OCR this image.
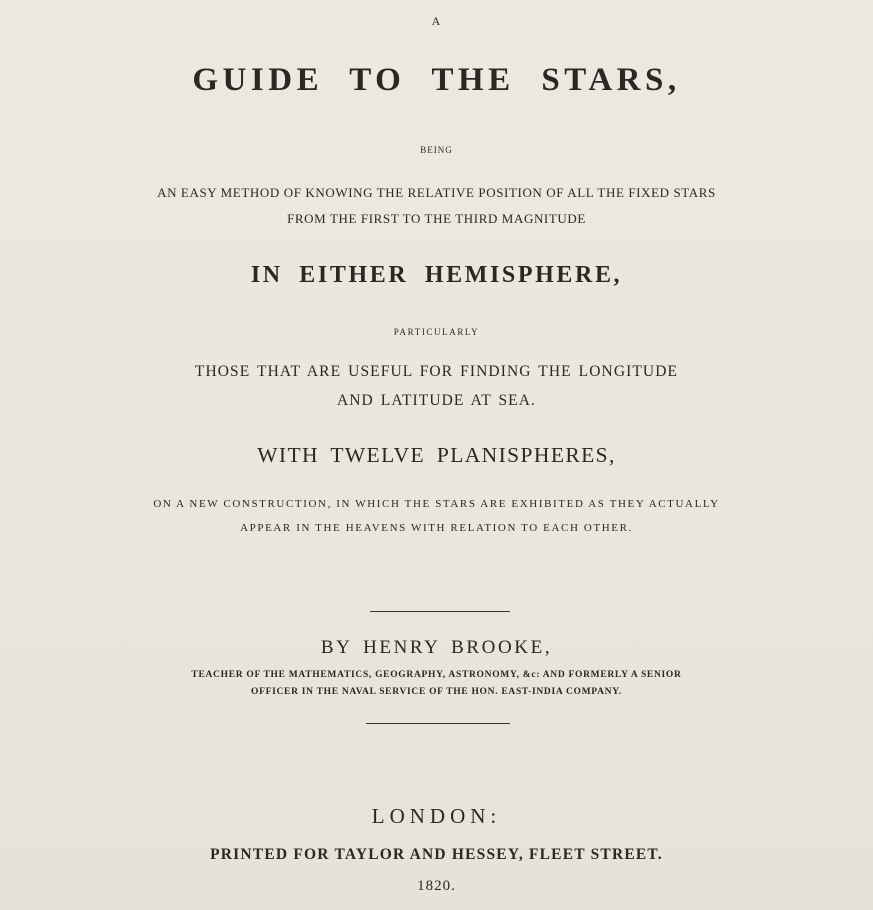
A
GUIDE TO THE STARS,
BEING
AN EASY METHOD OF KNOWING THE RELATIVE POSITION OF ALL THE FIXED STARS
FROM THE FIRST TO THE THIRD MAGNITUDE
IN EITHER HEMISPHERE,
PARTICULARLY
THOSE THAT ARE USEFUL FOR FINDING THE LONGITUDE
AND LATITUDE AT SEA.
WITH TWELVE PLANISPHERES,
ON A NEW CONSTRUCTION, IN WHICH THE STARS ARE EXHIBITED AS THEY ACTUALLY
APPEAR IN THE HEAVENS WITH RELATION TO EACH OTHER.
BY HENRY BROOKE,
TEACHER OF THE MATHEMATICS, GEOGRAPHY, ASTRONOMY, &c: AND FORMERLY A SENIOR
OFFICER IN THE NAVAL SERVICE OF THE HON. EAST-INDIA COMPANY.
LONDON:
PRINTED FOR TAYLOR AND HESSEY, FLEET STREET.
1820.
